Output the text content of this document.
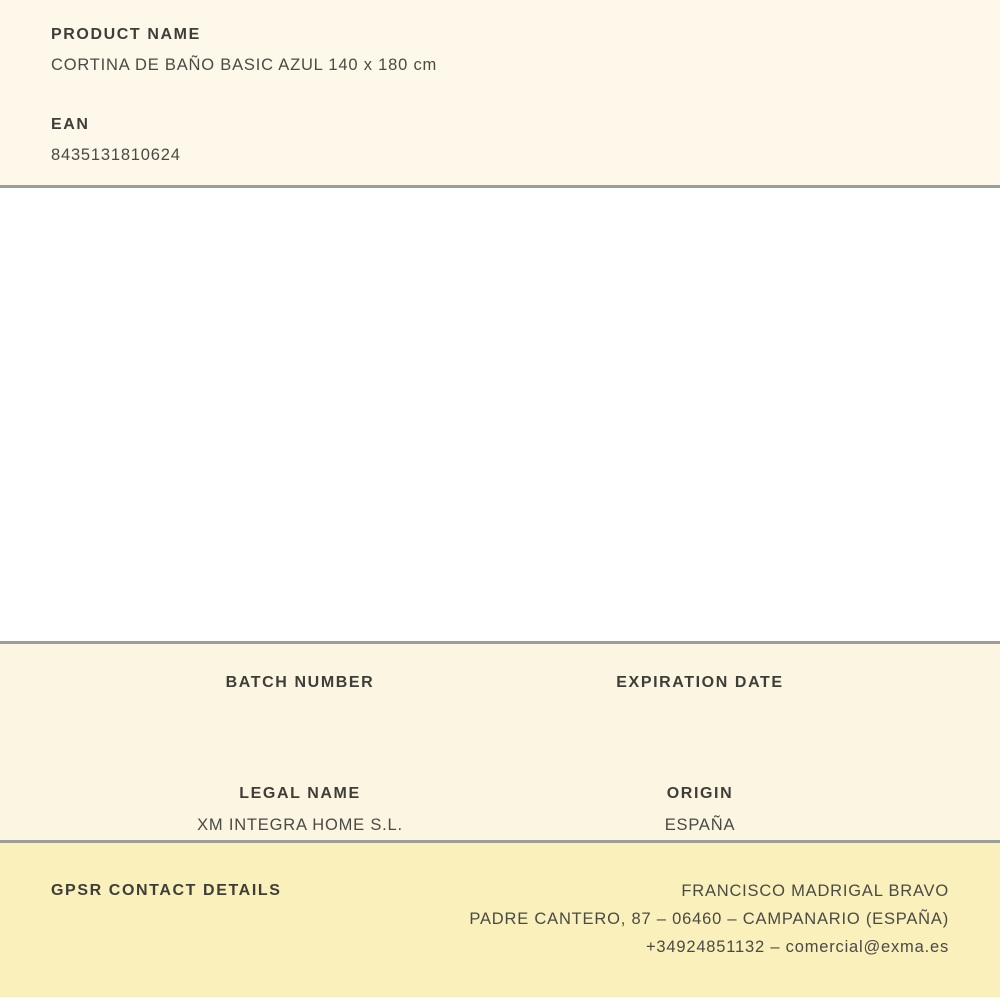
PRODUCT NAME
CORTINA DE BAÑO BASIC AZUL 140 x 180 cm
EAN
8435131810624
BATCH NUMBER	EXPIRATION DATE
LEGAL NAME
XM INTEGRA HOME S.L.
ORIGIN
ESPAÑA
GPSR CONTACT DETAILS	FRANCISCO MADRIGAL BRAVO
PADRE CANTERO, 87 – 06460 – CAMPANARIO (ESPAÑA)
+34924851132 – comercial@exma.es
